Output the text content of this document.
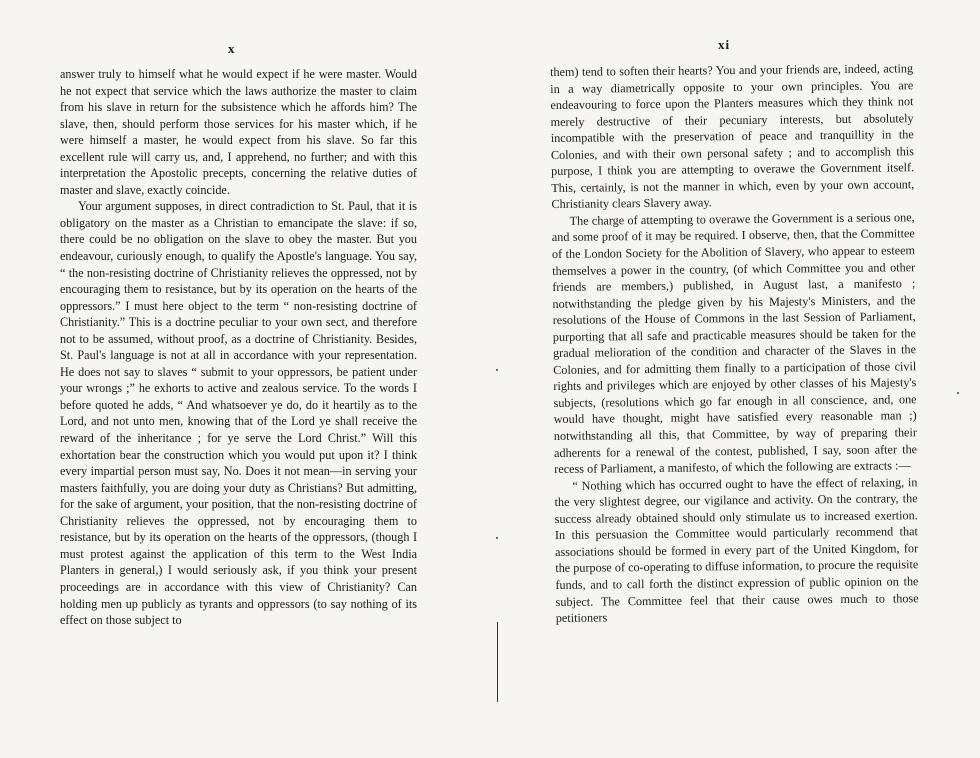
x

answer truly to himself what he would expect if he were master. Would he not expect that service which the laws authorize the master to claim from his slave in return for the subsistence which he affords him? The slave, then, should perform those services for his master which, if he were himself a master, he would expect from his slave. So far this excellent rule will carry us, and, I apprehend, no further; and with this interpretation the Apostolic precepts, concerning the relative duties of master and slave, exactly coincide.

Your argument supposes, in direct contradiction to St. Paul, that it is obligatory on the master as a Christian to emancipate the slave: if so, there could be no obligation on the slave to obey the master. But you endeavour, curiously enough, to qualify the Apostle's language. You say, “ the non-resisting doctrine of Christianity relieves the oppressed, not by encouraging them to resistance, but by its operation on the hearts of the oppressors.” I must here object to the term “ non-resisting doctrine of Christianity.” This is a doctrine peculiar to your own sect, and therefore not to be assumed, without proof, as a doctrine of Christianity. Besides, St. Paul's language is not at all in accordance with your representation. He does not say to slaves “ submit to your oppressors, be patient under your wrongs ;” he exhorts to active and zealous service. To the words I before quoted he adds, “ And whatsoever ye do, do it heartily as to the Lord, and not unto men, knowing that of the Lord ye shall receive the reward of the inheritance ; for ye serve the Lord Christ.” Will this exhortation bear the construction which you would put upon it? I think every impartial person must say, No. Does it not mean—in serving your masters faithfully, you are doing your duty as Christians? But admitting, for the sake of argument, your position, that the non-resisting doctrine of Christianity relieves the oppressed, not by encouraging them to resistance, but by its operation on the hearts of the oppressors, (though I must protest against the application of this term to the West India Planters in general,) I would seriously ask, if you think your present proceedings are in accordance with this view of Christianity? Can holding men up publicly as tyrants and oppressors (to say nothing of its effect on those subject to

xi

them) tend to soften their hearts? You and your friends are, indeed, acting in a way diametrically opposite to your own principles. You are endeavouring to force upon the Planters measures which they think not merely destructive of their pecuniary interests, but absolutely incompatible with the preservation of peace and tranquillity in the Colonies, and with their own personal safety ; and to accomplish this purpose, I think you are attempting to overawe the Government itself. This, certainly, is not the manner in which, even by your own account, Christianity clears Slavery away.

The charge of attempting to overawe the Government is a serious one, and some proof of it may be required. I observe, then, that the Committee of the London Society for the Abolition of Slavery, who appear to esteem themselves a power in the country, (of which Committee you and other friends are members,) published, in August last, a manifesto ; notwithstanding the pledge given by his Majesty's Ministers, and the resolutions of the House of Commons in the last Session of Parliament, purporting that all safe and practicable measures should be taken for the gradual melioration of the condition and character of the Slaves in the Colonies, and for admitting them finally to a participation of those civil rights and privileges which are enjoyed by other classes of his Majesty's subjects, (resolutions which go far enough in all conscience, and, one would have thought, might have satisfied every reasonable man ;) notwithstanding all this, that Committee, by way of preparing their adherents for a renewal of the contest, published, I say, soon after the recess of Parliament, a manifesto, of which the following are extracts :—

“ Nothing which has occurred ought to have the effect of relaxing, in the very slightest degree, our vigilance and activity. On the contrary, the success already obtained should only stimulate us to increased exertion. In this persuasion the Committee would particularly recommend that associations should be formed in every part of the United Kingdom, for the purpose of co-operating to diffuse information, to procure the requisite funds, and to call forth the distinct expression of public opinion on the subject. The Committee feel that their cause owes much to those petitioners
